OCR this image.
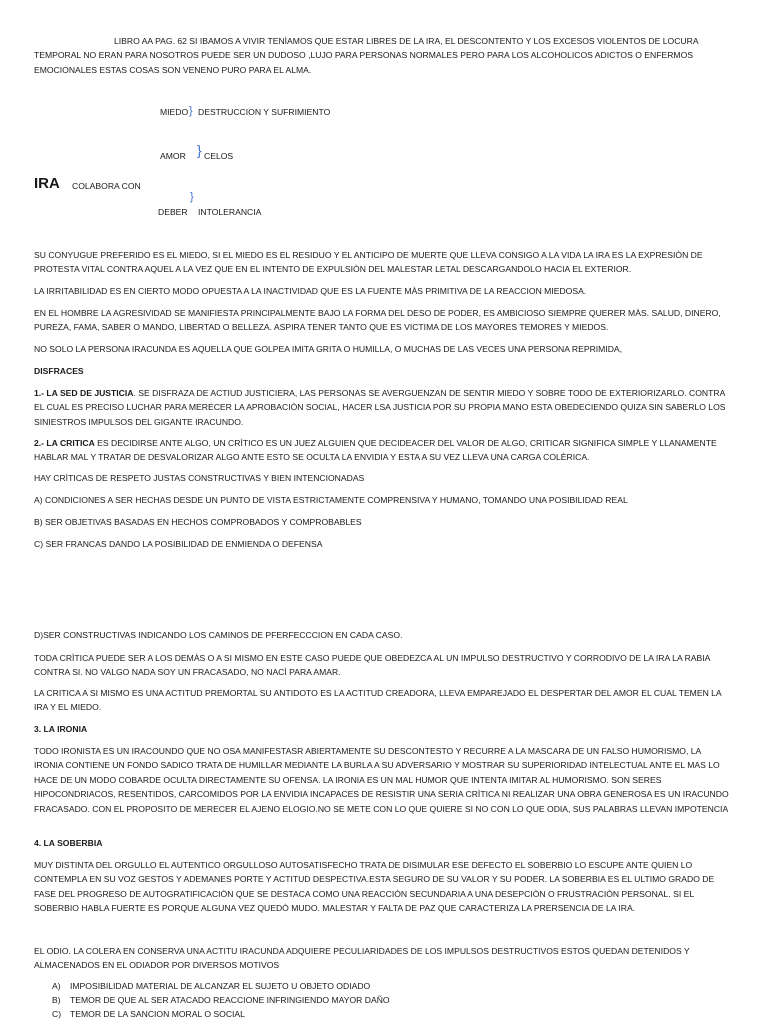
LIBRO AA PAG. 62 SI IBAMOS A VIVIR TENÌAMOS QUE ESTAR LIBRES DE LA IRA, EL DESCONTENTO Y LOS EXCESOS VIOLENTOS DE LOCURA TEMPORAL NO ERAN PARA NOSOTROS PUEDE SER UN DUDOSO ,LUJO PARA PERSONAS NORMALES PERO PARA LOS ALCOHOLICOS ADICTOS O ENFERMOS EMOCIONALES ESTAS COSAS SON VENENO PURO PARA EL ALMA.

MIEDO } DESTRUCCION Y SUFRIMIENTO
AMOR } CELOS
IRA COLABORA CON
}
DEBER INTOLERANCIA

SU CONYUGUE PREFERIDO ES EL MIEDO, SI EL MIEDO ES EL RESIDUO Y EL ANTICIPO DE MUERTE QUE LLEVA CONSIGO A LA VIDA LA IRA ES LA EXPRESIÒN DE PROTESTA VITAL CONTRA AQUEL A LA VEZ QUE EN EL INTENTO DE EXPULSIÒN DEL MALESTAR LETAL DESCARGANDOLO HACIA EL EXTERIOR.

LA IRRITABILIDAD ES EN CIERTO MODO OPUESTA A LA INACTIVIDAD QUE ES LA FUENTE MÀS PRIMITIVA DE LA REACCION MIEDOSA.

EN EL HOMBRE LA AGRESIVIDAD SE MANIFIESTA PRINCIPALMENTE BAJO LA FORMA DEL DESO DE PODER, ES AMBICIOSO SIEMPRE QUERER MÀS. SALUD, DINERO, PUREZA, FAMA, SABER O MANDO, LIBERTAD O BELLEZA. ASPIRA TENER TANTO QUE ES VICTIMA DE LOS MAYORES TEMORES Y MIEDOS.

NO SOLO LA PERSONA IRACUNDA ES AQUELLA QUE GOLPEA IMITA GRITA O HUMILLA, O MUCHAS DE LAS VECES UNA PERSONA REPRIMIDA,

DISFRACES

1.- LA SED DE JUSTICIA. SE DISFRAZA DE ACTIUD JUSTICIERA, LAS PERSONAS SE AVERGUENZAN DE SENTIR MIEDO Y SOBRE TODO DE EXTERIORIZARLO. CONTRA EL CUAL ES PRECISO LUCHAR PARA MERECER LA APROBACIÒN SOCIAL, HACER LSA JUSTICIA POR SU PROPIA MANO ESTA OBEDECIENDO QUIZA SIN SABERLO LOS SINIESTROS IMPULSOS DEL GIGANTE IRACUNDO.

2.- LA CRITICA ES DECIDIRSE ANTE ALGO, UN CRÌTICO ES UN JUEZ ALGUIEN QUE DECIDEACER DEL VALOR DE ALGO, CRITICAR SIGNIFICA SIMPLE Y LLANAMENTE HABLAR MAL Y TRATAR DE DESVALORIZAR ALGO ANTE ESTO SE OCULTA LA ENVIDIA Y ESTA A SU VEZ LLEVA UNA CARGA COLÈRICA.

HAY CRÌTICAS DE RESPETO JUSTAS CONSTRUCTIVAS Y BIEN INTENCIONADAS

A) CONDICIONES A SER HECHAS DESDE UN PUNTO DE VISTA ESTRICTAMENTE COMPRENSIVA Y HUMANO, TOMANDO UNA POSIBILIDAD REAL

B) SER OBJETIVAS BASADAS EN HECHOS COMPROBADOS Y COMPROBABLES

C) SER FRANCAS DANDO LA POSIBILIDAD DE ENMIENDA O DEFENSA

D)SER CONSTRUCTIVAS INDICANDO LOS CAMINOS DE PFERFECCCION EN CADA CASO.

TODA CRÌTICA PUEDE SER A LOS DEMÀS O A SI MISMO EN ESTE CASO PUEDE QUE OBEDEZCA AL UN IMPULSO DESTRUCTIVO Y CORRODIVO DE LA IRA LA RABIA CONTRA SI. NO VALGO NADA SOY UN FRACASADO, NO NACÌ PARA AMAR.

LA CRITICA A SI MISMO ES UNA ACTITUD PREMORTAL SU ANTIDOTO ES LA ACTITUD CREADORA, LLEVA EMPAREJADO EL DESPERTAR DEL AMOR EL CUAL TEMEN LA IRA Y EL MIEDO.

3. LA IRONIA

TODO IRONISTA ES UN IRACOUNDO QUE NO OSA MANIFESTASR ABIERTAMENTE SU DESCONTESTO Y RECURRE A LA MASCARA DE UN FALSO HUMORISMO, LA IRONIA CONTIENE UN FONDO SADICO TRATA DE HUMILLAR MEDIANTE LA BURLA A SU ADVERSARIO Y MOSTRAR SU SUPERIORIDAD INTELECTUAL ANTE EL MAS LO HACE DE UN MODO COBARDE OCULTA DIRECTAMENTE SU OFENSA. LA IRONIA ES UN MAL HUMOR QUE INTENTA IMITAR AL HUMORISMO. SON SERES HIPOCONDRIACOS, RESENTIDOS, CARCOMIDOS POR LA ENVIDIA INCAPACES DE RESISTIR UNA SERIA CRÌTICA NI REALIZAR UNA OBRA GENEROSA ES UN IRACUNDO FRACASADO. CON EL PROPOSITO DE MERECER EL AJENO ELOGIO.NO SE METE CON LO QUE QUIERE SI NO CON LO QUE ODIA, SUS PALABRAS LLEVAN IMPOTENCIA

4. LA SOBERBIA

MUY DISTINTA DEL ORGULLO EL AUTENTICO ORGULLOSO AUTOSATISFECHO TRATA DE DISIMULAR ESE DEFECTO EL SOBERBIO LO ESCUPE ANTE QUIEN LO CONTEMPLA EN SU VOZ GESTOS Y ADEMANES PORTE Y ACTITUD DESPECTIVA.ESTA SEGURO DE SU VALOR Y SU PODER. LA SOBERBIA ES EL ULTIMO GRADO DE FASE DEL PROGRESO DE AUTOGRATIFICACIÒN QUE SE DESTACA COMO UNA REACCIÒN SECUNDARIA A UNA DESEPCIÒN O FRUSTRACIÒN PERSONAL. SI EL SOBERBIO HABLA FUERTE ES PORQUE ALGUNA VEZ QUEDÒ MUDO. MALESTAR Y FALTA DE PAZ QUE CARACTERIZA LA PRERSENCIA DE LA IRA.

EL ODIO. LA COLERA EN CONSERVA UNA ACTITU IRACUNDA ADQUIERE PECULIARIDADES DE LOS IMPULSOS DESTRUCTIVOS ESTOS QUEDAN DETENIDOS Y ALMACENADOS EN EL ODIADOR POR DIVERSOS MOTIVOS

A) IMPOSIBILIDAD MATERIAL DE ALCANZAR EL SUJETO U OBJETO ODIADO
B) TEMOR DE QUE AL SER ATACADO REACCIONE INFRINGIENDO MAYOR DAÑO
C) TEMOR DE LA SANCION MORAL O SOCIAL
